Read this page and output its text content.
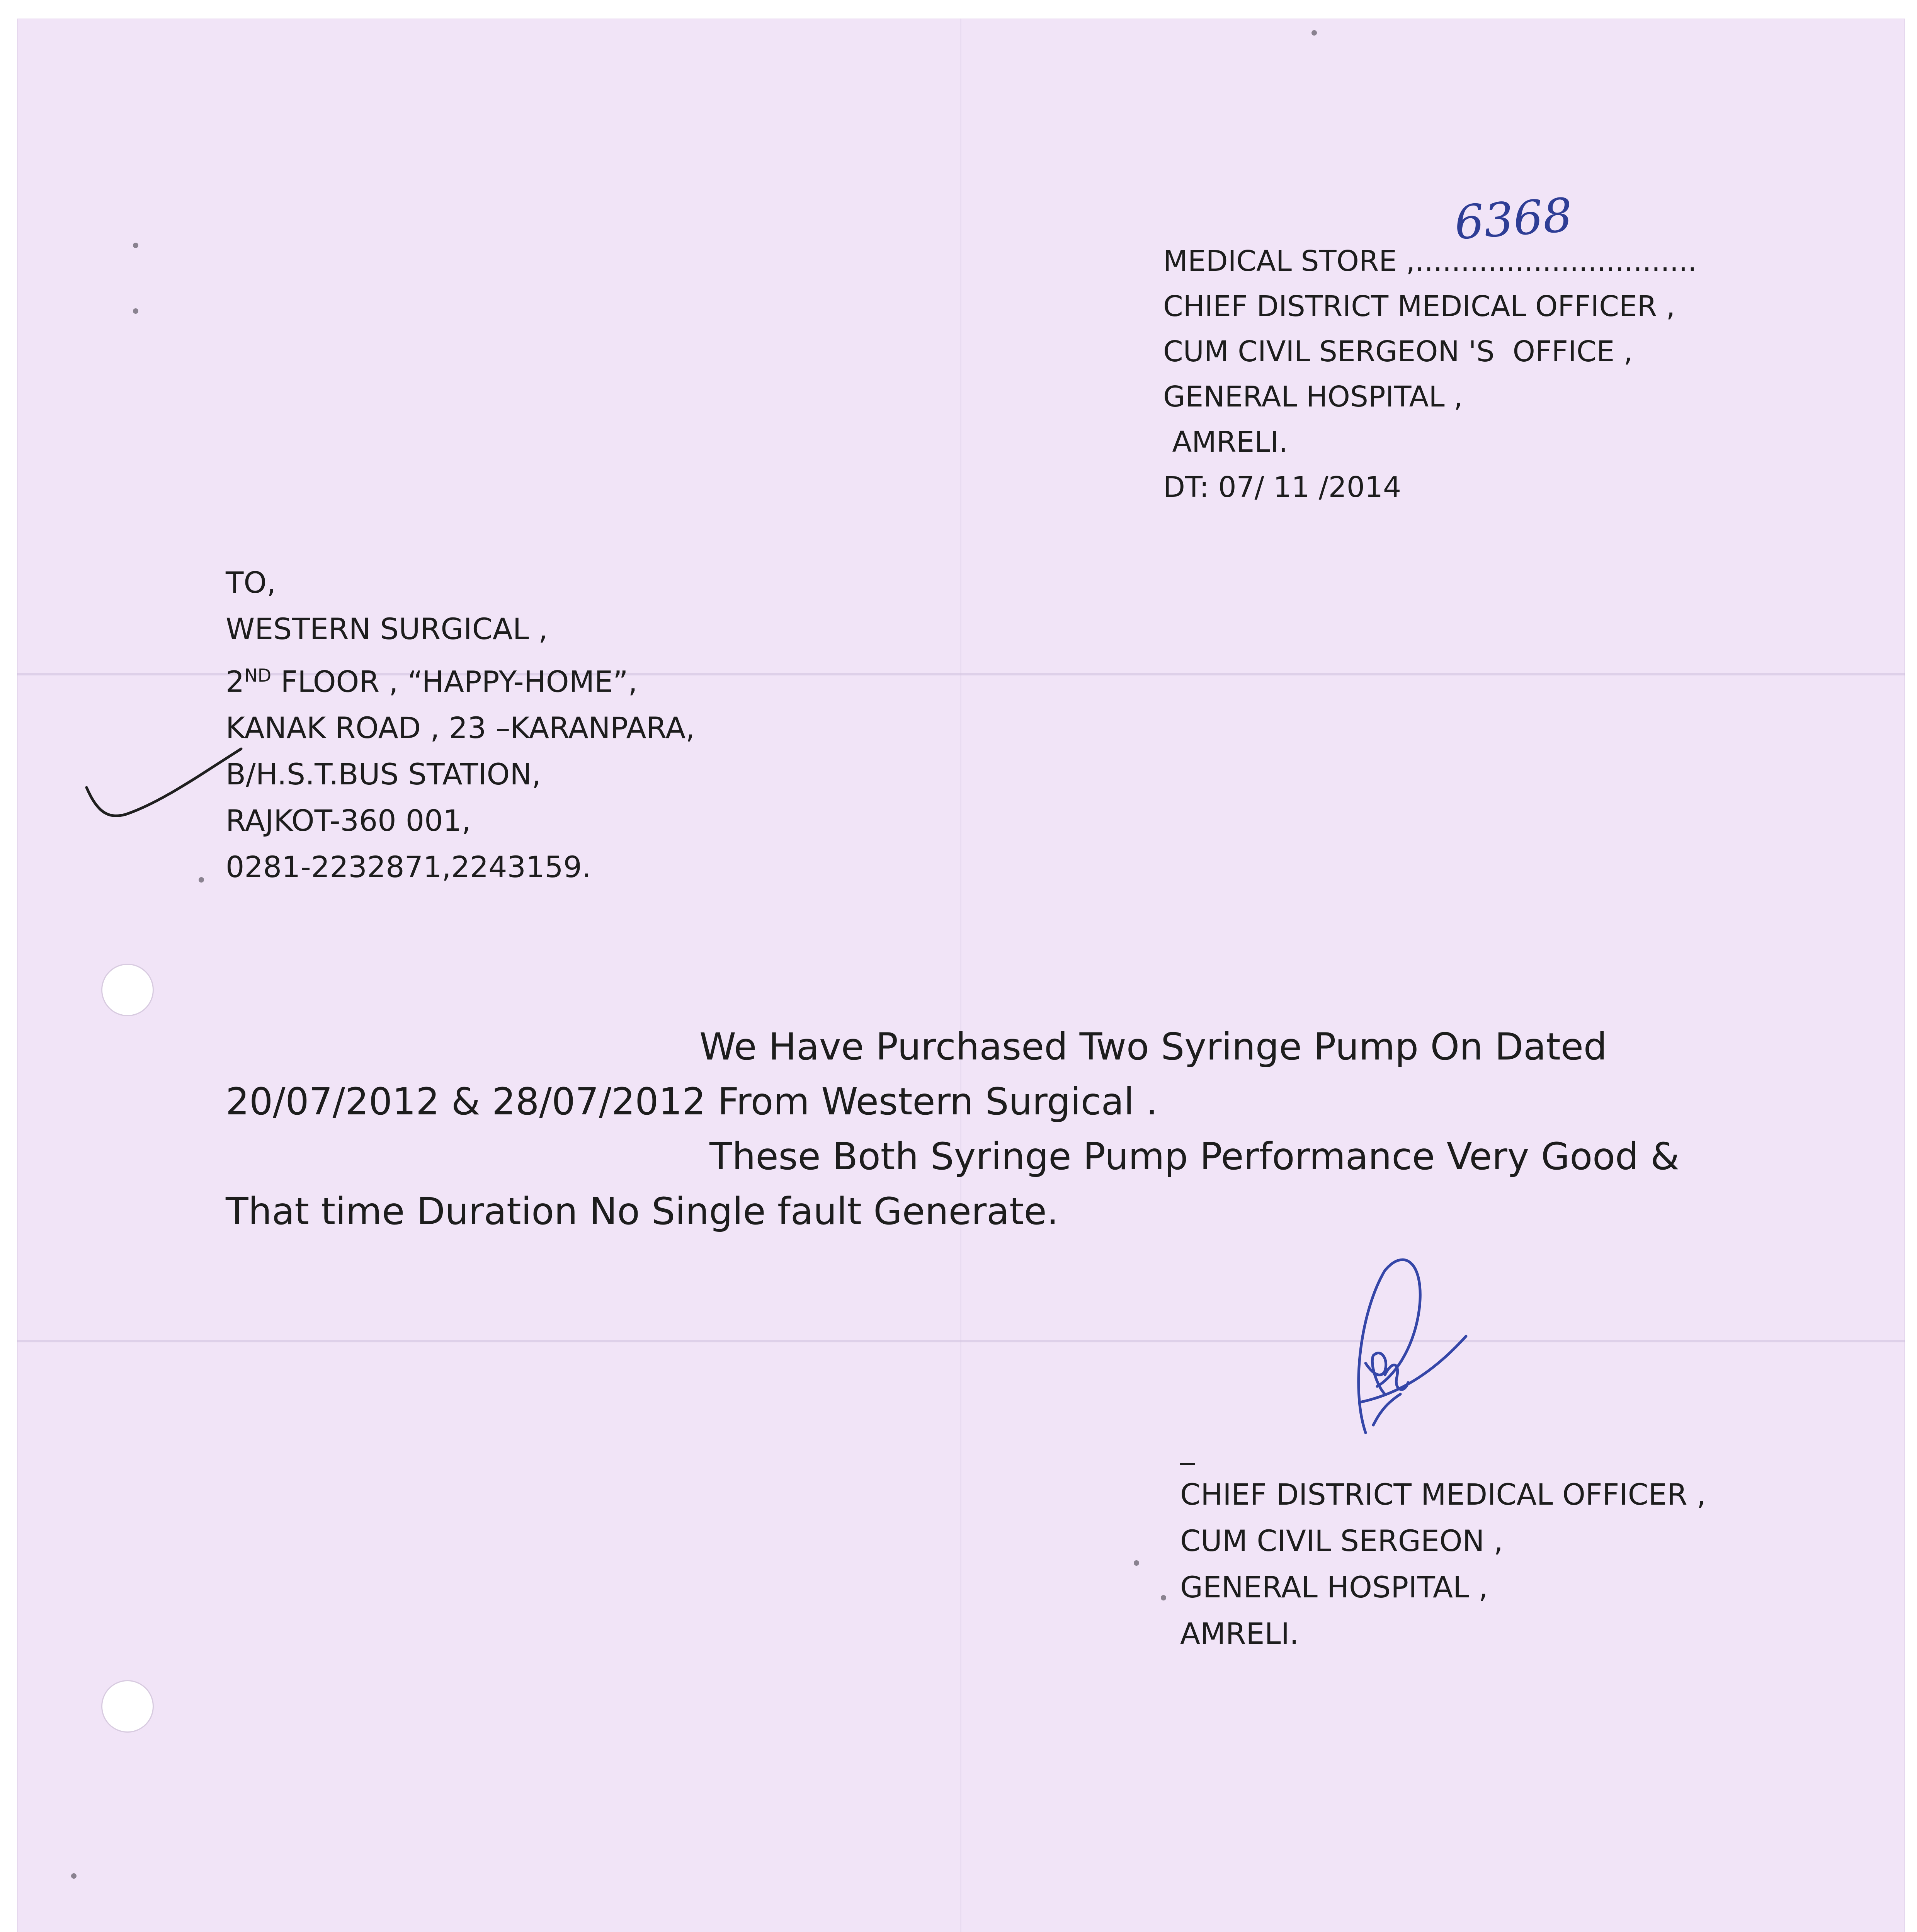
6368
MEDICAL STORE ,...............................
CHIEF DISTRICT MEDICAL OFFICER ,
CUM CIVIL SERGEON 'S  OFFICE ,
GENERAL HOSPITAL ,
AMRELI.
DT: 07/ 11 /2014
TO,
WESTERN SURGICAL ,
2ND FLOOR , “HAPPY-HOME”,
KANAK ROAD , 23 –KARANPARA,
B/H.S.T.BUS STATION,
RAJKOT-360 001,
0281-2232871,2243159.
We Have Purchased Two Syringe Pump On Dated
20/07/2012 & 28/07/2012 From Western Surgical .
These Both Syringe Pump Performance Very Good &
That time Duration No Single fault Generate.
_
CHIEF DISTRICT MEDICAL OFFICER ,
CUM CIVIL SERGEON ,
GENERAL HOSPITAL ,
AMRELI.
